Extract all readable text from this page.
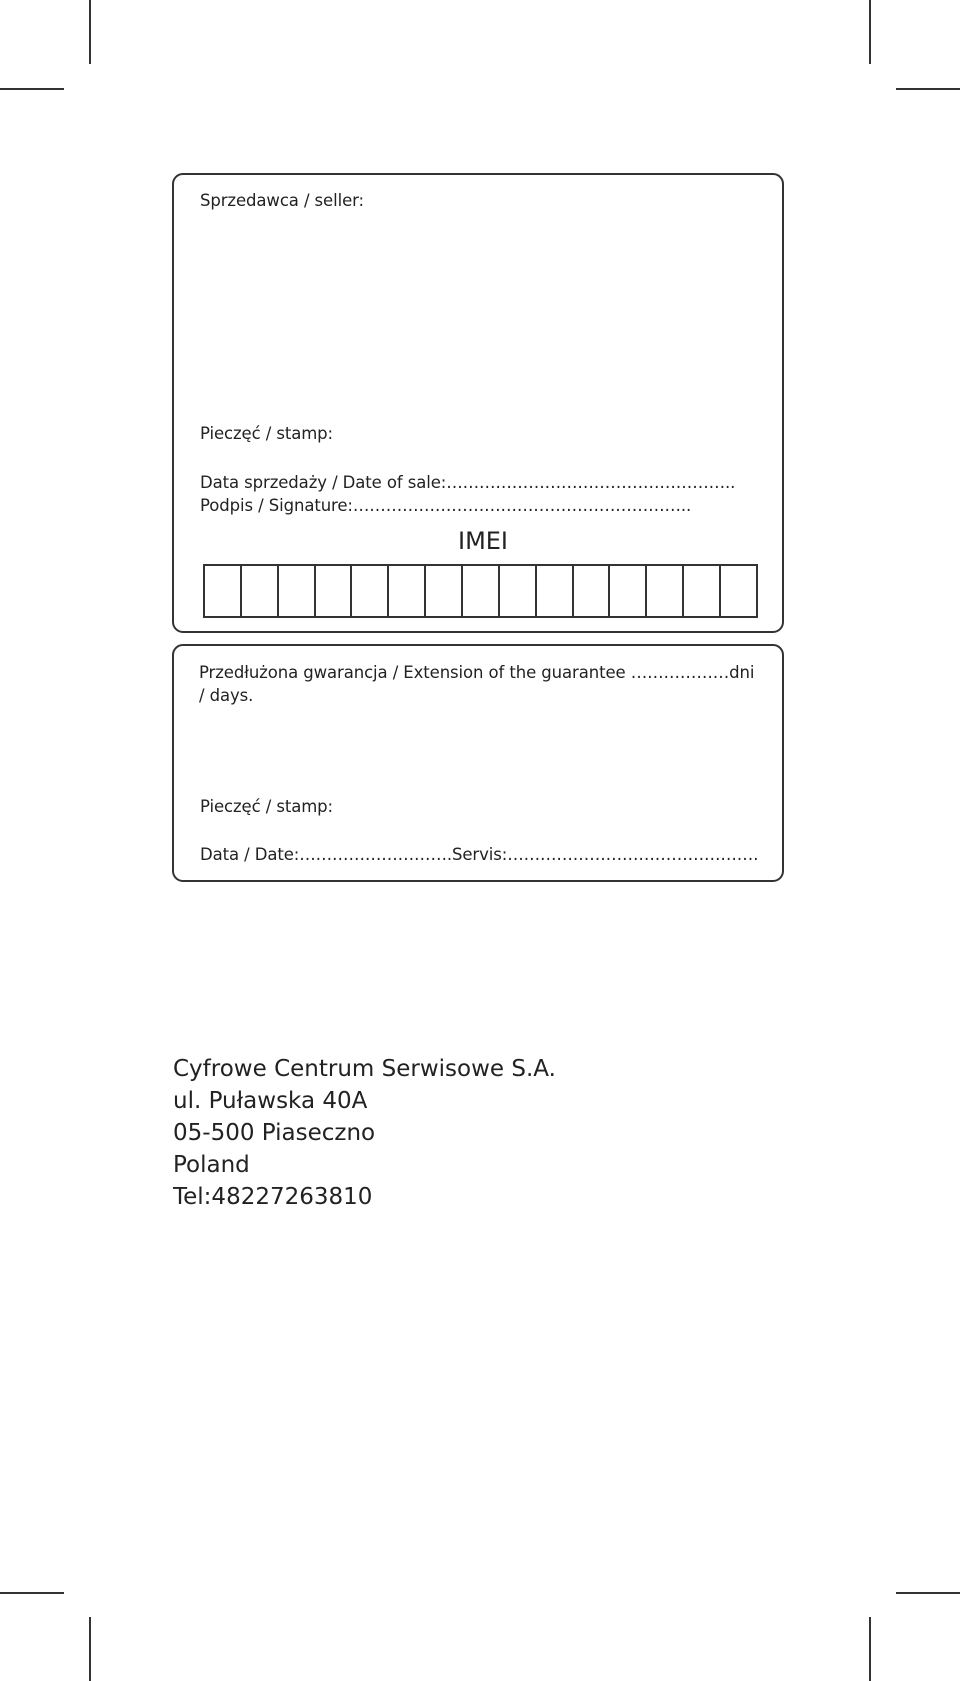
Sprzedawca / seller:
Pieczęć / stamp:
Data sprzedaży / Date of sale:……………………………………………..
Podpis / Signature:……………………………………………………..
IMEI
Przedłużona gwarancja / Extension of the guarantee ………………dni / days.
Pieczęć / stamp:
Data / Date:……………………….Servis:……………………………………….
Cyfrowe Centrum Serwisowe S.A.
ul. Puławska 40A
05-500 Piaseczno
Poland
Tel:48227263810
